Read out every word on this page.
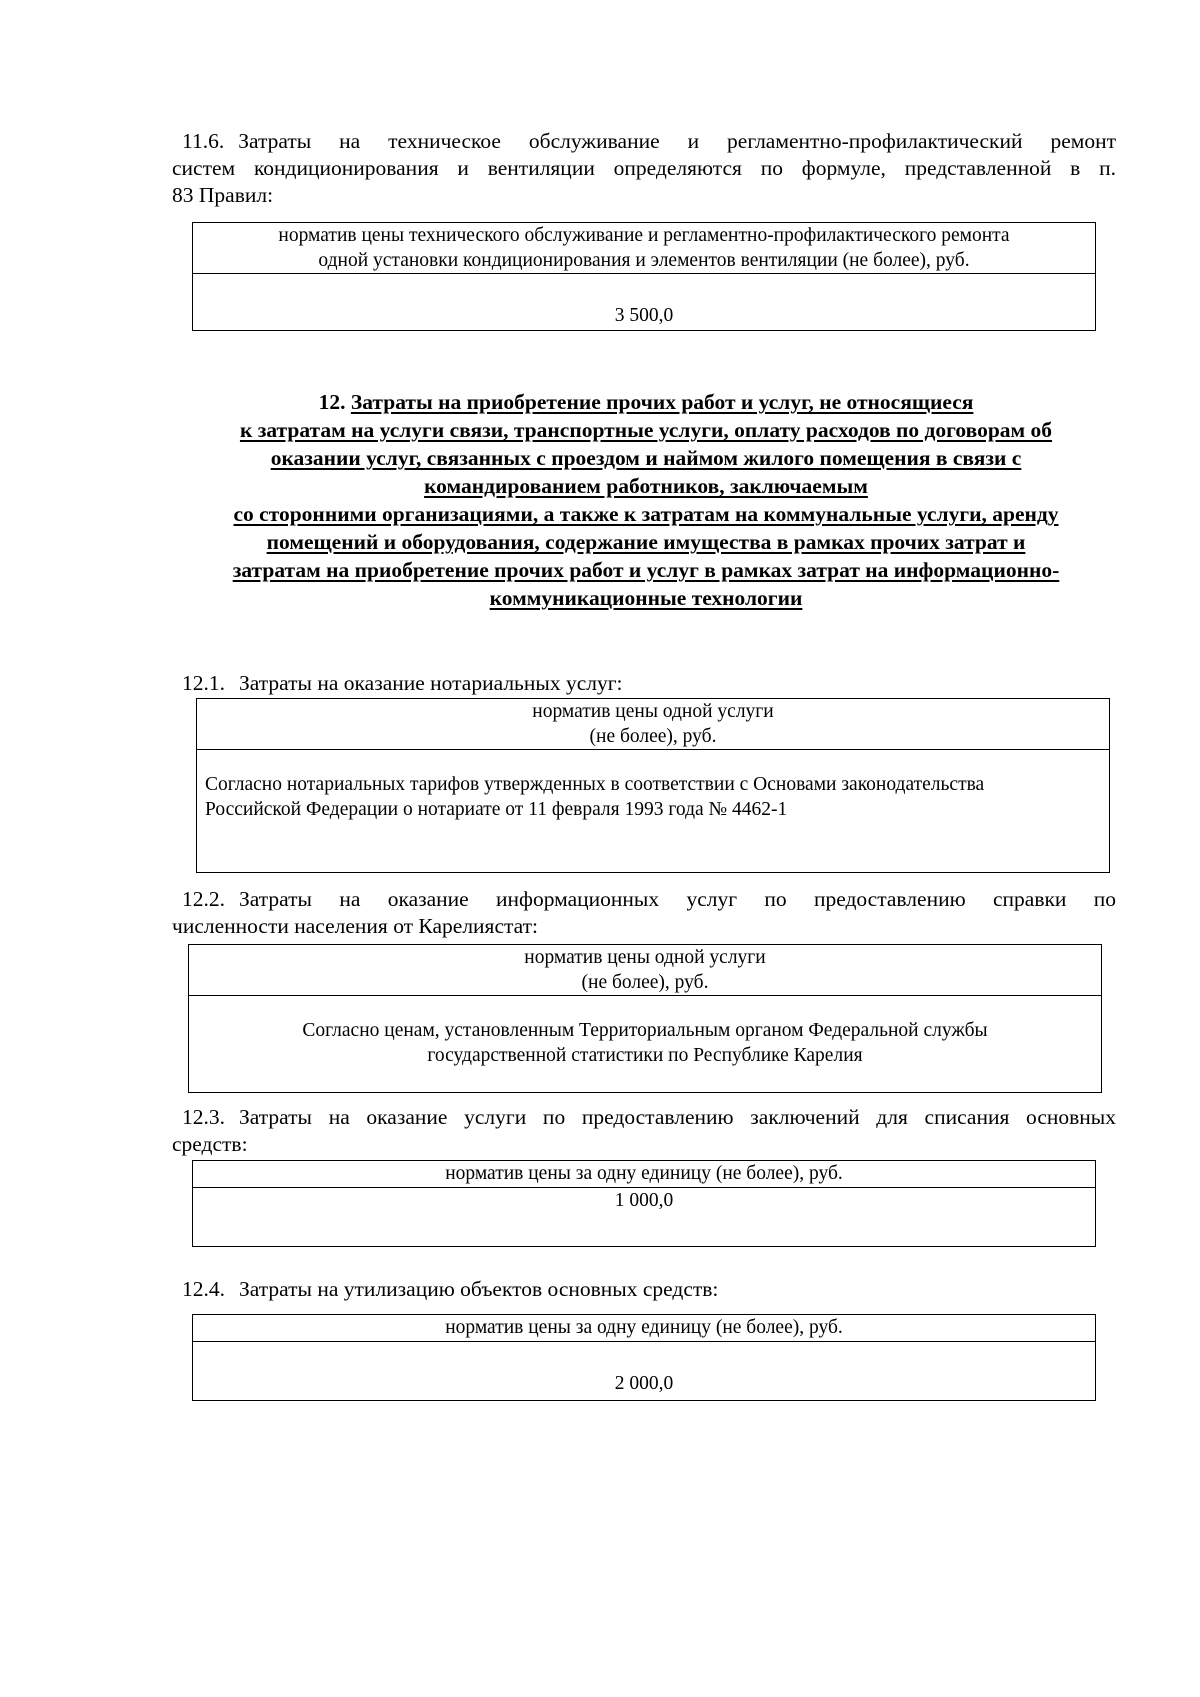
11.6. Затраты на техническое обслуживание и регламентно-профилактический ремонт
систем кондиционирования и вентиляции определяются по формуле, представленной в п.
83 Правил:
норматив цены технического обслуживание и регламентно-профилактического ремонта
одной установки кондиционирования и элементов вентиляции (не более), руб.

3 500,0
12. Затраты на приобретение прочих работ и услуг, не относящиеся
к затратам на услуги связи, транспортные услуги, оплату расходов по договорам об
оказании услуг, связанных с проездом и наймом жилого помещения в связи с
командированием работников, заключаемым
со сторонними организациями, а также к затратам на коммунальные услуги, аренду
помещений и оборудования, содержание имущества в рамках прочих затрат и
затратам на приобретение прочих работ и услуг в рамках затрат на информационно-
коммуникационные технологии
12.1. Затраты на оказание нотариальных услуг:
норматив цены одной услуги
(не более), руб.

Согласно нотариальных тарифов утвержденных в соответствии с Основами законодательства
Российской Федерации о нотариате от 11 февраля 1993 года № 4462-1
12.2. Затраты на оказание информационных услуг по предоставлению справки по
численности населения от Карелиястат:
норматив цены одной услуги
(не более), руб.

Согласно ценам, установленным Территориальным органом Федеральной службы
государственной статистики по Республике Карелия
12.3. Затраты на оказание услуги по предоставлению заключений для списания основных
средств:
норматив цены за одну единицу (не более), руб.
1 000,0
12.4. Затраты на утилизацию объектов основных средств:
норматив цены за одну единицу (не более), руб.
2 000,0
